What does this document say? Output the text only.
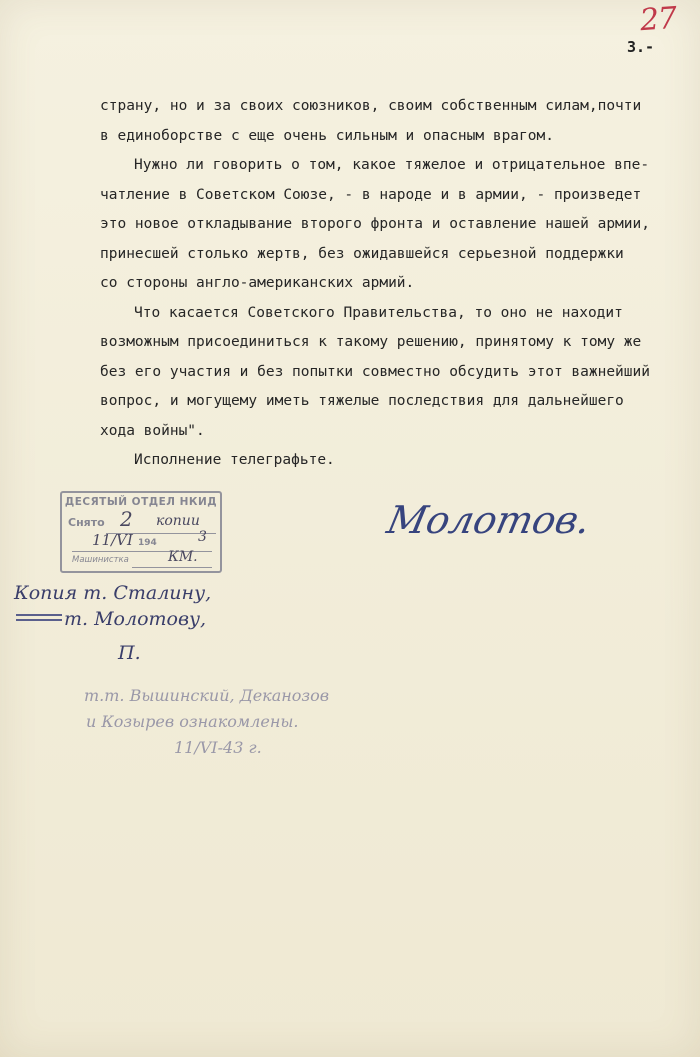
27
3.-

страну, но и за своих союзников, своим собственным силам,почти

в единоборстве с еще очень сильным и опасным врагом.

Нужно ли говорить о том, какое тяжелое и отрицательное впе-

чатление в Советском Союзе, - в народе и в армии, - произведет

это новое откладывание второго фронта и оставление нашей армии,

принесшей столько жертв, без ожидавшейся серьезной поддержки

со стороны англо-американских армий.

Что касается Советского Правительства, то оно не находит

возможным присоединиться к такому решению, принятому к тому же

без его участия и без попытки совместно обсудить этот важнейший

вопрос, и могущему иметь тяжелые последствия для дальнейшего

хода войны".

Исполнение телеграфьте.

ДЕСЯТЫЙ ОТДЕЛ НКИД
Снято 2 копии
11/VI 194	3
Машинистка	КМ.
Молотов.
Копия т. Сталину,
т. Молотову,
П.
т.т. Вышинский, Деканозов
и Козырев ознакомлены.
11/VI-43 г.
